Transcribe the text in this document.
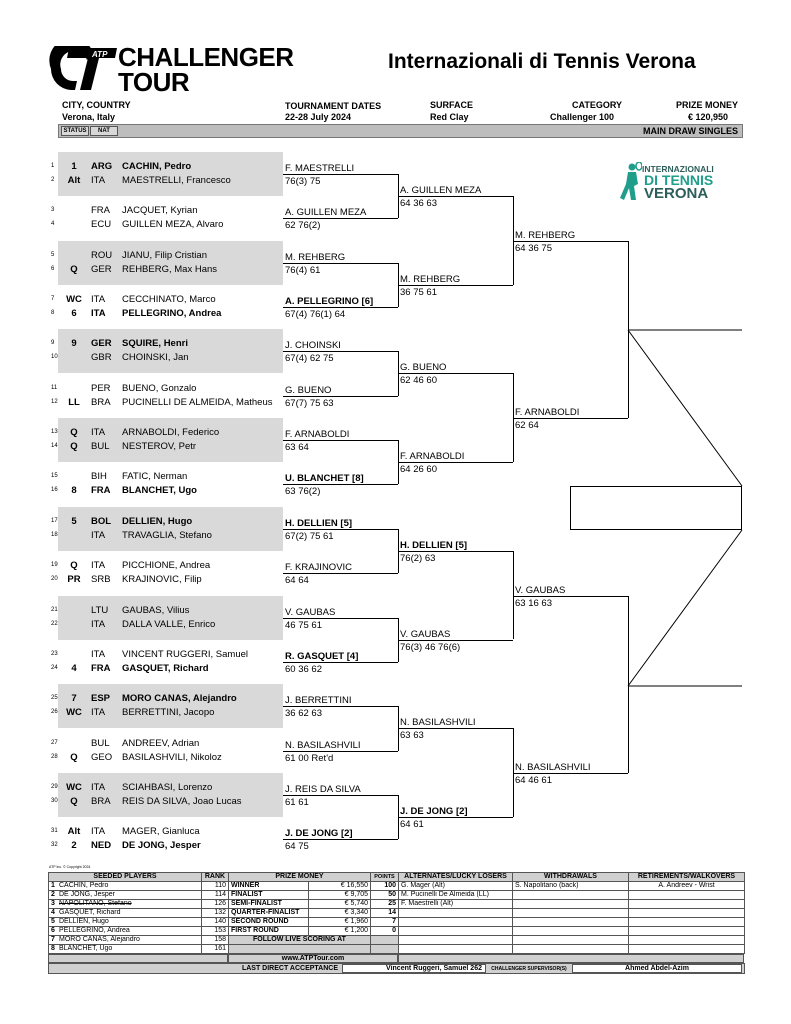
ATP CHALLENGER
TOUR
Internazionali di Tennis Verona
CITY, COUNTRY
Verona, Italy
TOURNAMENT DATES
22-28 July 2024
SURFACE
Red Clay
CATEGORY
Challenger 100
PRIZE MONEY
€ 120,950
STATUS	NAT	MAIN DRAW SINGLES
INTERNAZIONALI
DI TENNIS
VERONA
1	1	ARG CACHIN, Pedro
2	Alt	ITA MAESTRELLI, Francesco
3	FRA JACQUET, Kyrian
4	ECU GUILLEN MEZA, Alvaro
5	ROU JIANU, Filip Cristian
6	Q	GER REHBERG, Max Hans
7	WC ITA CECCHINATO, Marco
8	6	ITA PELLEGRINO, Andrea
9	9	GER SQUIRE, Henri
10	GBR CHOINSKI, Jan
11	PER BUENO, Gonzalo
12	LL	BRA PUCINELLI DE ALMEIDA, Matheus
13	Q	ITA ARNABOLDI, Federico
14	Q	BUL NESTEROV, Petr
15	BIH FATIC, Nerman
16	8	FRA BLANCHET, Ugo
17	5	BOL DELLIEN, Hugo
18	ITA TRAVAGLIA, Stefano
19	Q	ITA PICCHIONE, Andrea
20	PR	SRB KRAJINOVIC, Filip
21	LTU GAUBAS, Vilius
22	ITA DALLA VALLE, Enrico
23	ITA VINCENT RUGGERI, Samuel
24	4	FRA GASQUET, Richard
25	7	ESP MORO CANAS, Alejandro
26 WC ITA BERRETTINI, Jacopo
27	BUL ANDREEV, Adrian
28	Q	GEO BASILASHVILI, Nikoloz
29 WC ITA SCIAHBASI, Lorenzo
30	Q	BRA REIS DA SILVA, Joao Lucas
31	Alt	ITA MAGER, Gianluca
32	2	NED DE JONG, Jesper
F. MAESTRELLI
76(3) 75
A. GUILLEN MEZA
62 76(2)
M. REHBERG
76(4) 61
A. PELLEGRINO [6]
67(4) 76(1) 64
J. CHOINSKI
67(4) 62 75
G. BUENO
67(7) 75 63
F. ARNABOLDI
63 64
U. BLANCHET [8]
63 76(2)
H. DELLIEN [5]
67(2) 75 61
F. KRAJINOVIC
64 64
V. GAUBAS
46 75 61
R. GASQUET [4]
60 36 62
J. BERRETTINI
36 62 63
N. BASILASHVILI
61 00 Ret'd
J. REIS DA SILVA
61 61
J. DE JONG [2]
64 75
A. GUILLEN MEZA
64 36 63
M. REHBERG
36 75 61
G. BUENO
62 46 60
F. ARNABOLDI
64 26 60
H. DELLIEN [5]
76(2) 63
V. GAUBAS
76(3) 46 76(6)
N. BASILASHVILI
63 63
J. DE JONG [2]
64 61
M. REHBERG
64 36 75
F. ARNABOLDI
62 64
V. GAUBAS
63 16 63
N. BASILASHVILI
64 46 61
ATP Inc. © Copyright 2024
SEEDED PLAYERS	RANK	PRIZE MONEY		POINTS	ALTERNATES/LUCKY LOSERS	WITHDRAWALS	RETIREMENTS/WALKOVERS
1 CACHIN, Pedro	110	WINNER	€ 16,550	100	G. Mager (Alt)	S. Napolitano (back)	A. Andreev - Wrist
2 DE JONG, Jesper	114	FINALIST	€ 9,705	50	M. Pucinelli De Almeida (LL)		
3 NAPOLITANO, Stefano	126	SEMI-FINALIST	€ 5,740	25	F. Maestrelli (Alt)		
4 GASQUET, Richard	132	QUARTER-FINALIST	€ 3,340	14			
5 DELLIEN, Hugo	140	SECOND ROUND	€ 1,960	7			
6 PELLEGRINO, Andrea	153	FIRST ROUND	€ 1,200	0			
7 MORO CANAS, Alejandro	158	FOLLOW LIVE SCORING AT					
8 BLANCHET, Ugo	161						
www.ATPTour.com
LAST DIRECT ACCEPTANCE	Vincent Ruggeri, Samuel 262	CHALLENGER SUPERVISOR(S)	Ahmed Abdel-Azim
